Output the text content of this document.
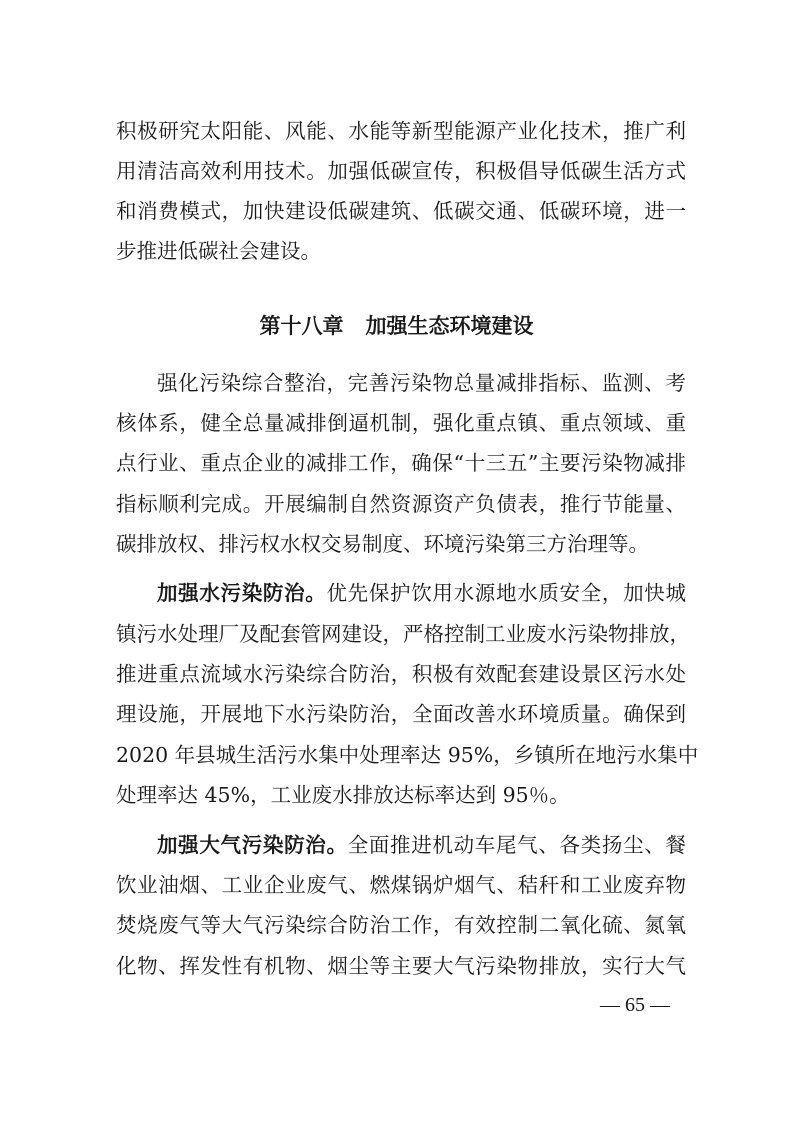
积极研究太阳能、风能、水能等新型能源产业化技术，推广利
用清洁高效利用技术。加强低碳宣传，积极倡导低碳生活方式
和消费模式，加快建设低碳建筑、低碳交通、低碳环境，进一
步推进低碳社会建设。
第十八章 加强生态环境建设
强化污染综合整治，完善污染物总量减排指标、监测、考
核体系，健全总量减排倒逼机制，强化重点镇、重点领域、重
点行业、重点企业的减排工作，确保“十三五”主要污染物减排
指标顺利完成。开展编制自然资源资产负债表，推行节能量、
碳排放权、排污权水权交易制度、环境污染第三方治理等。
加强水污染防治。优先保护饮用水源地水质安全，加快城
镇污水处理厂及配套管网建设，严格控制工业废水污染物排放，
推进重点流域水污染综合防治，积极有效配套建设景区污水处
理设施，开展地下水污染防治，全面改善水环境质量。确保到
2020 年县城生活污水集中处理率达 95%，乡镇所在地污水集中
处理率达 45%，工业废水排放达标率达到 95％。
加强大气污染防治。全面推进机动车尾气、各类扬尘、餐
饮业油烟、工业企业废气、燃煤锅炉烟气、秸秆和工业废弃物
焚烧废气等大气污染综合防治工作，有效控制二氧化硫、氮氧
化物、挥发性有机物、烟尘等主要大气污染物排放，实行大气
— 65 —
